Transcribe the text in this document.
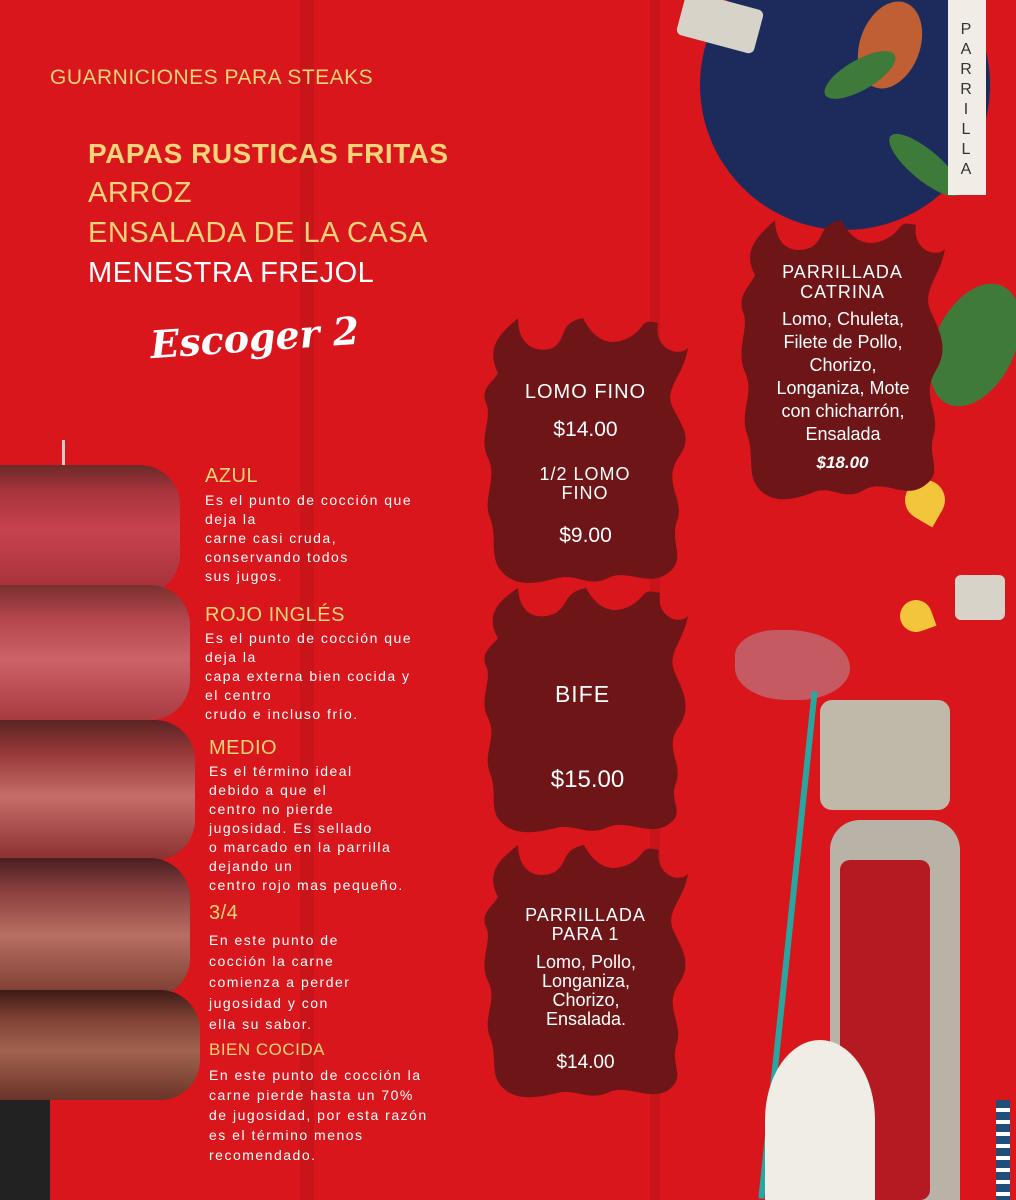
GUARNICIONES PARA STEAKS
PAPAS RUSTICAS FRITAS
ARROZ
ENSALADA DE LA CASA
MENESTRA FREJOL
Escoger 2
AZUL
Es el punto de cocción que
deja la
carne casi cruda,
conservando todos
sus jugos.
ROJO INGLÉS
Es el punto de cocción que
deja la
capa externa bien cocida y
el centro
crudo e incluso frío.
MEDIO
Es el término ideal
debido a que el
centro no pierde
jugosidad. Es sellado
o marcado en la parrilla
dejando un
centro rojo mas pequeño.
3/4
En este punto de
cocción la carne
comienza a perder
jugosidad y con
ella su sabor.
BIEN COCIDA
En este punto de cocción la
carne pierde hasta un 70%
de jugosidad, por esta razón
es el término menos
recomendado.
P
A
R
R
I
L
L
A
LOMO FINO
$14.00
1/2 LOMO FINO
$9.00
BIFE
$15.00
PARRILLADA PARA 1
Lomo, Pollo, Longaniza, Chorizo, Ensalada.
$14.00
PARRILLADA CATRINA
Lomo, Chuleta, Filete de Pollo, Chorizo, Longaniza, Mote con chicharrón, Ensalada
$18.00
